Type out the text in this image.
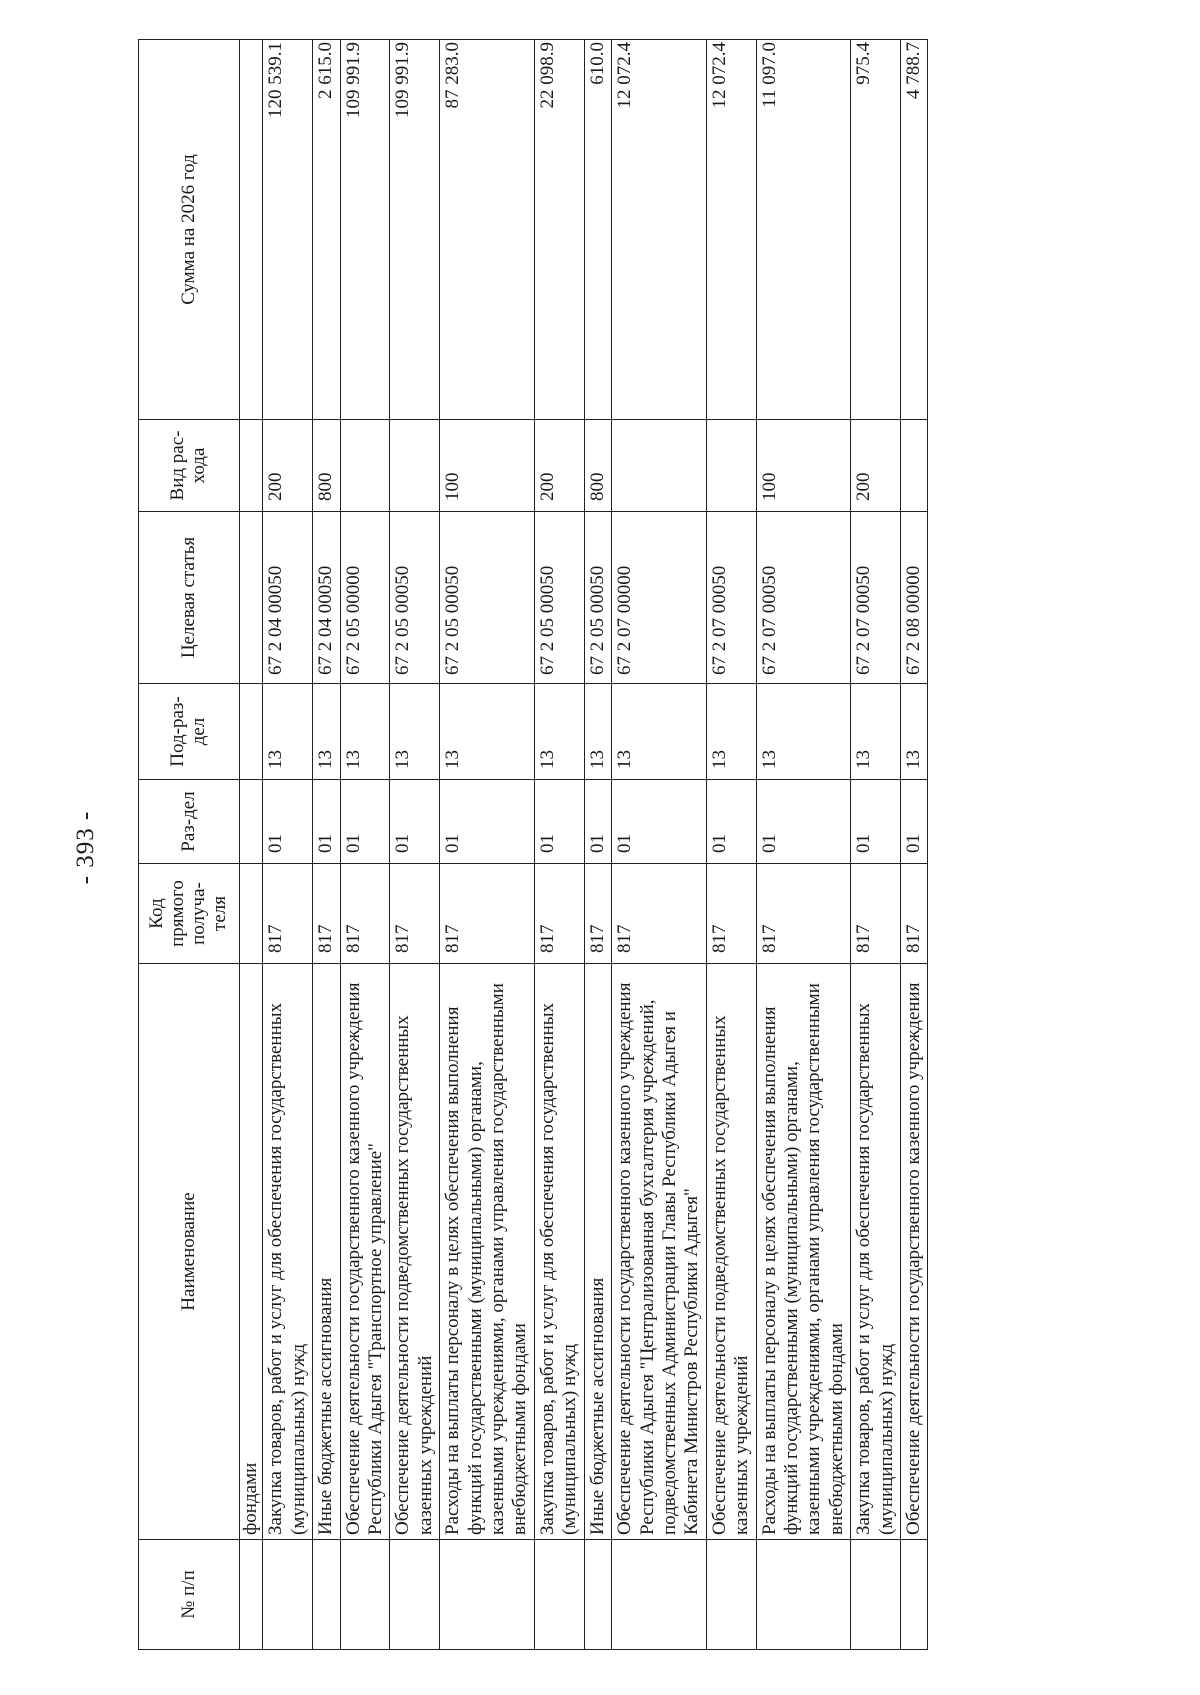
- 393 -
№ п/п	Наименование	Код прямого получа-теля	Раз-дел	Под-раз-дел	Целевая статья	Вид рас-хода	Сумма на 2026 год
	фондами						
	Закупка товаров, работ и услуг для обеспечения государственных (муниципальных) нужд	817	01	13	67 2 04 00050	200	120 539.1
	Иные бюджетные ассигнования	817	01	13	67 2 04 00050	800	2 615.0
	Обеспечение деятельности государственного казенного учреждения Республики Адыгея "Транспортное управление"	817	01	13	67 2 05 00000		109 991.9
	Обеспечение деятельности подведомственных государственных казенных учреждений	817	01	13	67 2 05 00050		109 991.9
	Расходы на выплаты персоналу в целях обеспечения выполнения функций государственными (муниципальными) органами, казенными учреждениями, органами управления государственными внебюджетными фондами	817	01	13	67 2 05 00050	100	87 283.0
	Закупка товаров, работ и услуг для обеспечения государственных (муниципальных) нужд	817	01	13	67 2 05 00050	200	22 098.9
	Иные бюджетные ассигнования	817	01	13	67 2 05 00050	800	610.0
	Обеспечение деятельности государственного казенного учреждения Республики Адыгея "Централизованная бухгалтерия учреждений, подведомственных Администрации Главы Республики Адыгея и Кабинета Министров Республики Адыгея"	817	01	13	67 2 07 00000		12 072.4
	Обеспечение деятельности подведомственных государственных казенных учреждений	817	01	13	67 2 07 00050		12 072.4
	Расходы на выплаты персоналу в целях обеспечения выполнения функций государственными (муниципальными) органами, казенными учреждениями, органами управления государственными внебюджетными фондами	817	01	13	67 2 07 00050	100	11 097.0
	Закупка товаров, работ и услуг для обеспечения государственных (муниципальных) нужд	817	01	13	67 2 07 00050	200	975.4
	Обеспечение деятельности государственного казенного учреждения	817	01	13	67 2 08 00000		4 788.7
